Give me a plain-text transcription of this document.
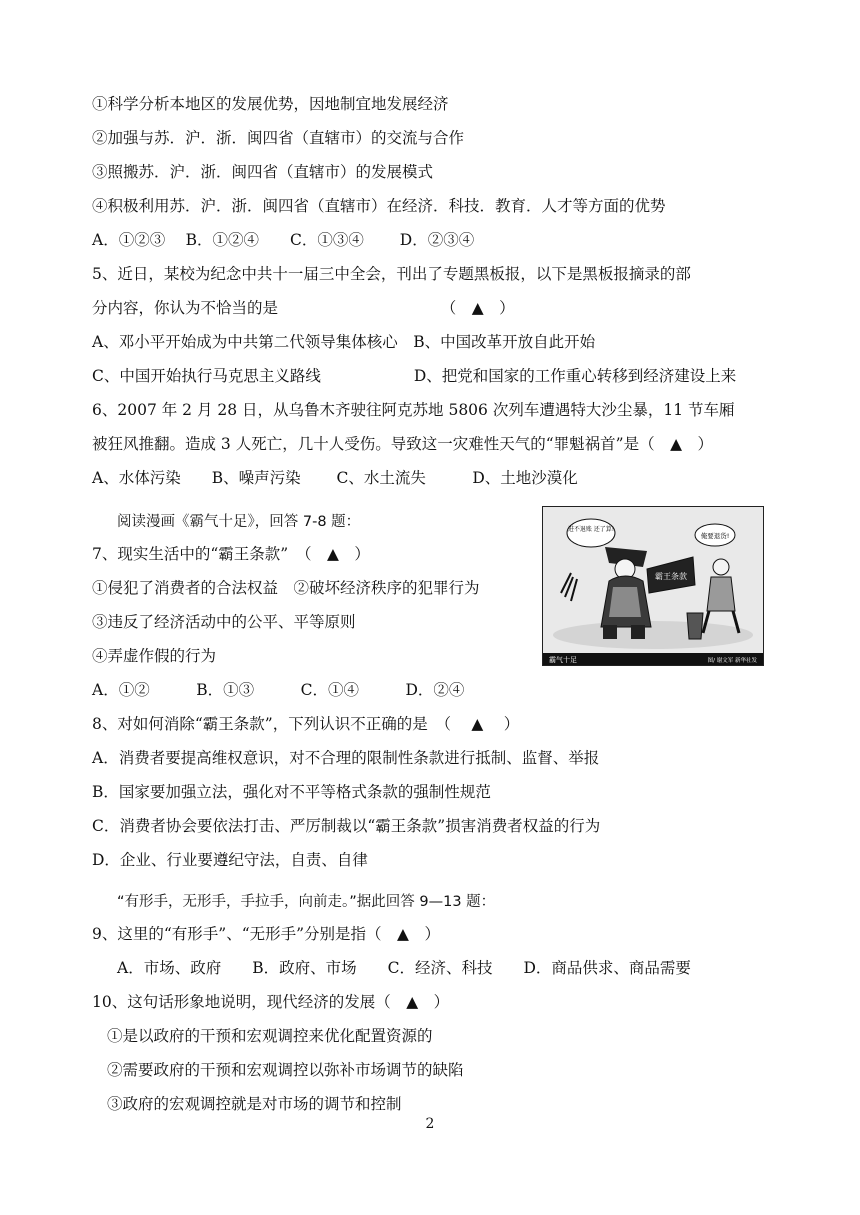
①科学分析本地区的发展优势，因地制宜地发展经济
②加强与苏．沪．浙．闽四省（直辖市）的交流与合作
③照搬苏．沪．浙．闽四省（直辖市）的发展模式
④积极利用苏．沪．浙．闽四省（直辖市）在经济．科技．教育．人才等方面的优势
A．①②③　 B．①②④　　C．①③④　　 D．②③④
5、近日，某校为纪念中共十一届三中全会，刊出了专题黑板报，以下是黑板报摘录的部
分内容，你认为不恰当的是　　　　　　　　　　　（　▲　）
A、邓小平开始成为中共第二代领导集体核心　B、中国改革开放自此开始
C、中国开始执行马克思主义路线　　　　　　D、把党和国家的工作重心转移到经济建设上来
6、2007 年 2 月 28 日，从乌鲁木齐驶往阿克苏地 5806 次列车遭遇特大沙尘暴，11 节车厢
被狂风推翻。造成 3 人死亡，几十人受伤。导致这一灾难性天气的“罪魁祸首”是（　▲　）
A、水体污染　　B、噪声污染　　 C、水土流失　　　D、土地沙漠化
阅读漫画《霸气十足》，回答 7-8 题：
7、现实生活中的“霸王条款”　（　▲　）
①侵犯了消费者的合法权益　②破坏经济秩序的犯罪行为
③违反了经济活动中的公平、平等原则
④弄虚作假的行为
A．①②　　　B．①③　　　C．①④　　　D．②④
8、对如何消除“霸王条款”，下列认识不正确的是　（　 ▲　 ）
A．消费者要提高维权意识，对不合理的限制性条款进行抵制、监督、举报
B．国家要加强立法，强化对不平等格式条款的强制性规范
C．消费者协会要依法打击、严厉制裁以“霸王条款”损害消费者权益的行为
D．企业、行业要遵纪守法，自责、自律
“有形手，无形手，手拉手，向前走。”据此回答 9—13 题：
9、这里的“有形手”、“无形手”分别是指（　▲　）
A．市场、政府　　B．政府、市场　　C．经济、科技　　D．商品供求、商品需要
10、这句话形象地说明，现代经济的发展（　▲　）
①是以政府的干预和宏观调控来优化配置资源的
②需要政府的干预和宏观调控以弥补市场调节的缺陷
③政府的宏观调控就是对市场的调节和控制
进不退账 还了算!
俺要退货!
霸王条款
霸气十足	图/ 谢文军 新华社发
2
